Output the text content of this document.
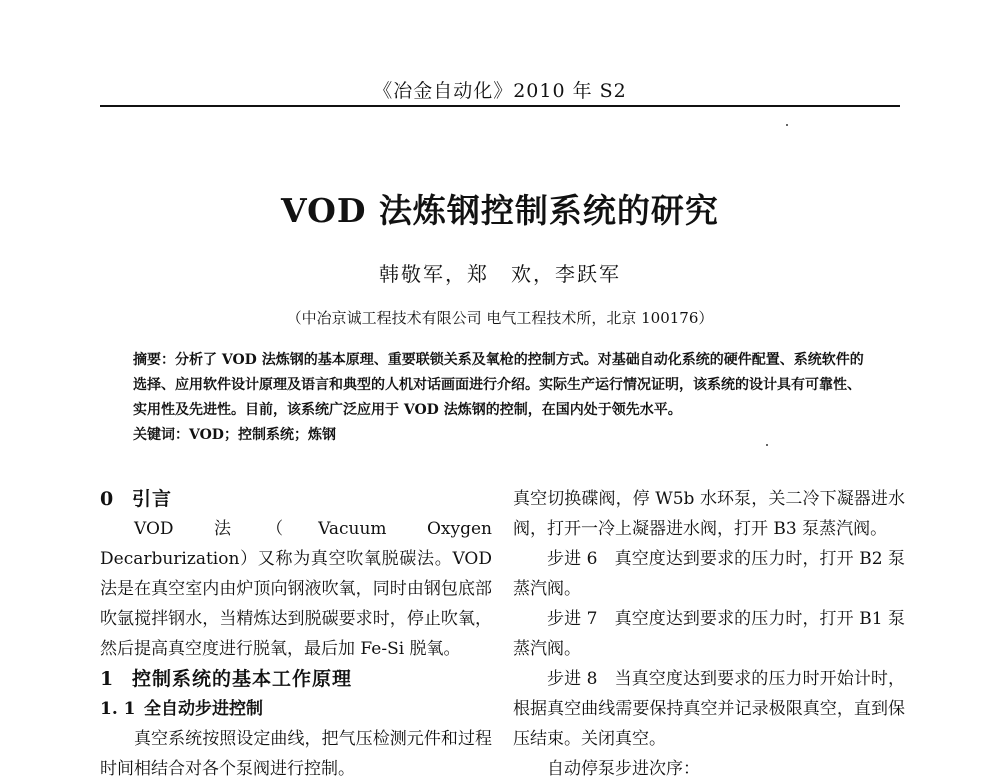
《冶金自动化》2010 年 S2
VOD 法炼钢控制系统的研究
韩敬军，郑　欢，李跃军
（中冶京诚工程技术有限公司 电气工程技术所，北京 100176）

摘要：分析了 VOD 法炼钢的基本原理、重要联锁关系及氧枪的控制方式。对基础自动化系统的硬件配置、系统软件的选择、应用软件设计原理及语言和典型的人机对话画面进行介绍。实际生产运行情况证明，该系统的设计具有可靠性、实用性及先进性。目前，该系统广泛应用于 VOD 法炼钢的控制，在国内处于领先水平。

关键词：VOD；控制系统；炼钢

0 引言

VOD 法（Vacuum Oxygen Decarburization）又称为真空吹氧脱碳法。VOD 法是在真空室内由炉顶向钢液吹氧，同时由钢包底部吹氩搅拌钢水，当精炼达到脱碳要求时，停止吹氧，然后提高真空度进行脱氧，最后加 Fe-Si 脱氧。

1 控制系统的基本工作原理

1. 1 全自动步进控制

真空系统按照设定曲线，把气压检测元件和过程时间相结合对各个泵阀进行控制。

真空切换碟阀，停 W5b 水环泵，关二冷下凝器进水阀，打开一冷上凝器进水阀，打开 B3 泵蒸汽阀。

步进 6　真空度达到要求的压力时，打开 B2 泵蒸汽阀。

步进 7　真空度达到要求的压力时，打开 B1 泵蒸汽阀。

步进 8　当真空度达到要求的压力时开始计时，根据真空曲线需要保持真空并记录极限真空，直到保压结束。关闭真空。

自动停泵步进次序：
